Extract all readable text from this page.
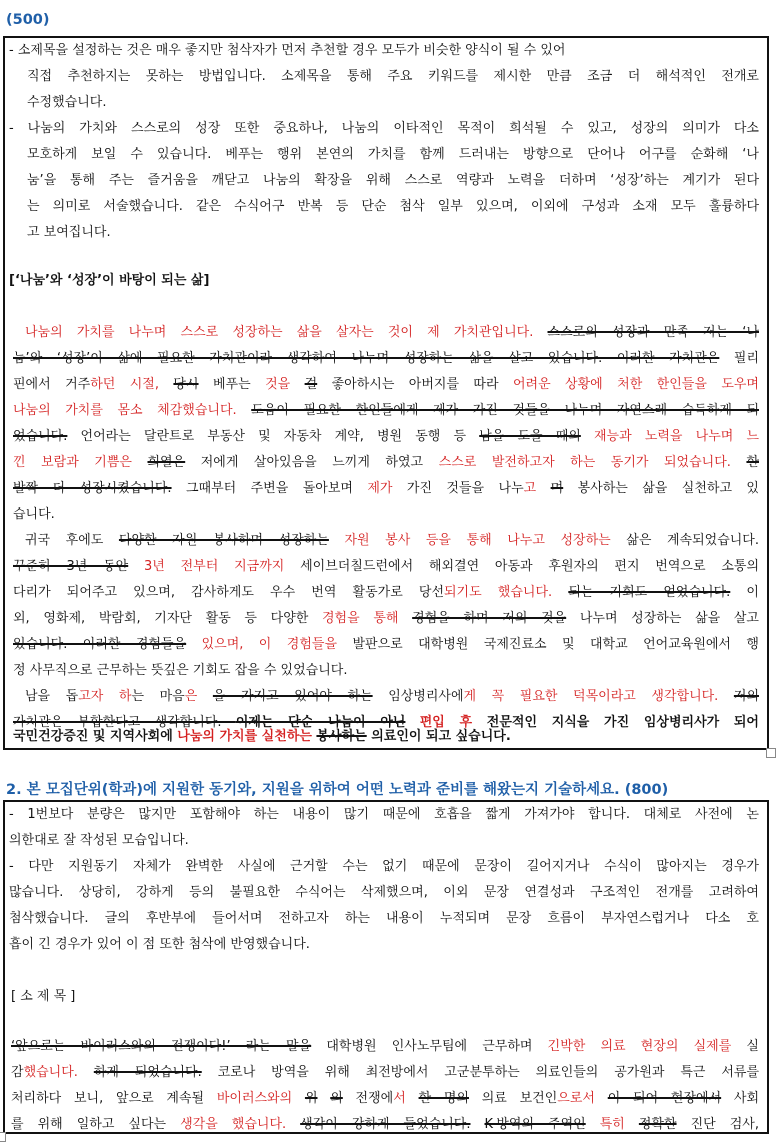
(500)
- 소제목을 설정하는 것은 매우 좋지만 첨삭자가 먼저 추천할 경우 모두가 비슷한 양식이 될 수 있어
직접 추천하지는 못하는 방법입니다. 소제목을 통해 주요 키워드를 제시한 만큼 조금 더 해석적인 전개로
수정했습니다.
- 나눔의 가치와 스스로의 성장 또한 중요하나, 나눔의 이타적인 목적이 희석될 수 있고, 성장의 의미가 다소
모호하게 보일 수 있습니다. 베푸는 행위 본연의 가치를 함께 드러내는 방향으로 단어나 어구를 순화해 ‘나
눔’을 통해 주는 즐거움을 깨닫고 나눔의 확장을 위해 스스로 역량과 노력을 더하며 ‘성장’하는 계기가 된다
는 의미로 서술했습니다. 같은 수식어구 반복 등 단순 첨삭 일부 있으며, 이외에 구성과 소재 모두 훌륭하다
고 보여집니다.
[‘나눔’와 ‘성장’이 바탕이 되는 삶]
나눔의 가치를 나누며 스스로 성장하는 삶을 살자는 것이 제 가치관입니다. 스스로의 성장과 만족 저는 ‘나
눔’와 ‘성장’이 삶에 필요한 가치관이라 생각하여 나누며 성장하는 삶을 살고 있습니다. 이러한 가치관은 필리
핀에서 거주하던 시절, 당시 베푸는 것을 걸 좋아하시는 아버지를 따라 어려운 상황에 처한 한인들을 도우며
나눔의 가치를 몸소 체감했습니다. 도움이 필요한 한인들에게 제가 가진 것들을 나누며 자연스레 습득하게 되
었습니다. 언어라는 달란트로 부동산 및 자동차 계약, 병원 동행 등 남을 도울 때의 재능과 노력을 나누며 느
낀 보람과 기쁨은 희열은 저에게 살아있음을 느끼게 하였고 스스로 발전하고자 하는 동기가 되었습니다. 한
발짝 더 성장시켰습니다. 그때부터 주변을 돌아보며 제가 가진 것들을 나누고 며 봉사하는 삶을 실천하고 있
습니다.
귀국 후에도 다양한 자원 봉사하며 성장하는 자원 봉사 등을 통해 나누고 성장하는 삶은 계속되었습니다.
꾸준히 3년 동안 3년 전부터 지금까지 세이브더칠드런에서 해외결연 아동과 후원자의 편지 번역으로 소통의
다리가 되어주고 있으며, 감사하게도 우수 번역 활동가로 당선되기도 했습니다. 되는 기회도 얻었습니다. 이
외, 영화제, 박람회, 기자단 활동 등 다양한 경험을 통해 경험을 하며 저의 것을 나누며 성장하는 삶을 살고
있습니다. 이러한 경험들을 있으며, 이 경험들을 발판으로 대학병원 국제진료소 및 대학교 언어교육원에서 행
정 사무직으로 근무하는 뜻깊은 기회도 잡을 수 있었습니다.
남을 돕고자 하는 마음은 을 가지고 있어야 하는 임상병리사에게 꼭 필요한 덕목이라고 생각합니다. 저의
가치관은 부합한다고 생각합니다. 이제는 단순 나눔이 아닌 편입 후 전문적인 지식을 가진 임상병리사가 되어
국민건강증진 및 지역사회에 나눔의 가치를 실천하는 봉사하는 의료인이 되고 싶습니다.
2. 본 모집단위(학과)에 지원한 동기와, 지원을 위하여 어떤 노력과 준비를 해왔는지 기술하세요. (800)
- 1번보다 분량은 많지만 포함해야 하는 내용이 많기 때문에 호흡을 짧게 가져가야 합니다. 대체로 사전에 논
의한대로 잘 작성된 모습입니다.
- 다만 지원동기 자체가 완벽한 사실에 근거할 수는 없기 때문에 문장이 길어지거나 수식이 많아지는 경우가
많습니다. 상당히, 강하게 등의 불필요한 수식어는 삭제했으며, 이외 문장 연결성과 구조적인 전개를 고려하여
첨삭했습니다. 글의 후반부에 들어서며 전하고자 하는 내용이 누적되며 문장 흐름이 부자연스럽거나 다소 호
흡이 긴 경우가 있어 이 점 또한 첨삭에 반영했습니다.
[ 소 제 목 ]
‘앞으로는 바이러스와의 전쟁이다!’ 라는 말을 대학병원 인사노무팀에 근무하며 긴박한 의료 현장의 실제를 실
감했습니다. 하게 되었습니다. 코로나 방역을 위해 최전방에서 고군분투하는 의료인들의 공가원과 특근 서류를
처리하다 보니, 앞으로 계속될 바이러스와의 위 의 전쟁에서 한 명의 의료 보건인으로서 이 되어 현장에서 사회
를 위해 일하고 싶다는 생각을 했습니다. 생각이 강하게 들었습니다. K-방역의 주역인 특히 정확한 진단 검사,
